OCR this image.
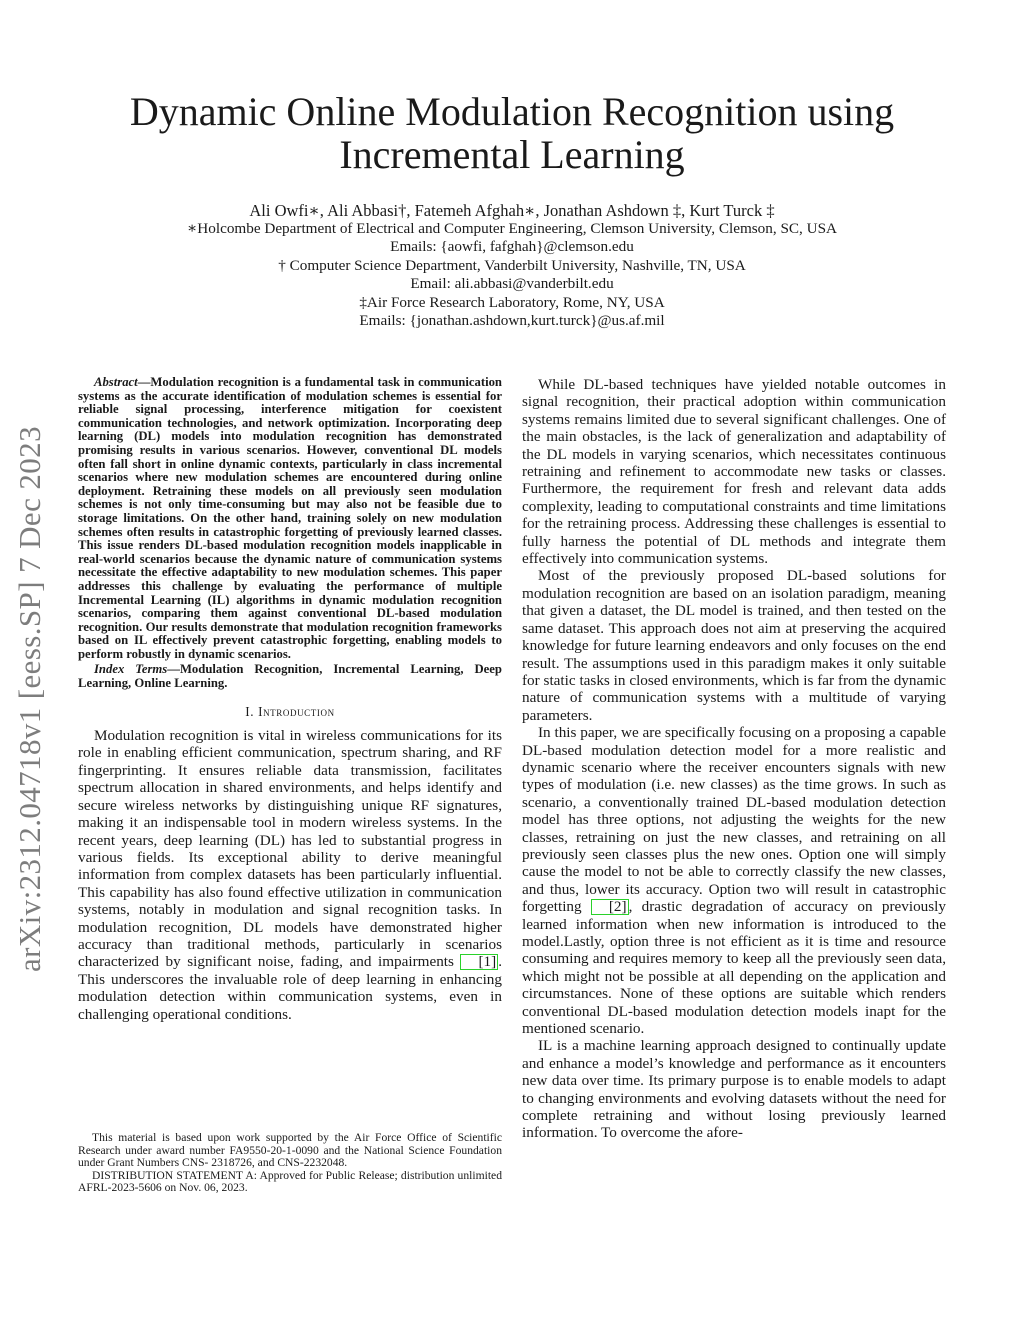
arXiv:2312.04718v1 [eess.SP] 7 Dec 2023
Dynamic Online Modulation Recognition using Incremental Learning
Ali Owfi∗, Ali Abbasi†, Fatemeh Afghah∗, Jonathan Ashdown ‡, Kurt Turck ‡
∗Holcombe Department of Electrical and Computer Engineering, Clemson University, Clemson, SC, USA
Emails: {aowfi, fafghah}@clemson.edu
† Computer Science Department, Vanderbilt University, Nashville, TN, USA
Email: ali.abbasi@vanderbilt.edu
‡Air Force Research Laboratory, Rome, NY, USA
Emails: {jonathan.ashdown,kurt.turck}@us.af.mil

Abstract—Modulation recognition is a fundamental task in communication systems as the accurate identification of modulation schemes is essential for reliable signal processing, interference mitigation for coexistent communication technologies, and network optimization. Incorporating deep learning (DL) models into modulation recognition has demonstrated promising results in various scenarios. However, conventional DL models often fall short in online dynamic contexts, particularly in class incremental scenarios where new modulation schemes are encountered during online deployment. Retraining these models on all previously seen modulation schemes is not only time-consuming but may also not be feasible due to storage limitations. On the other hand, training solely on new modulation schemes often results in catastrophic forgetting of previously learned classes. This issue renders DL-based modulation recognition models inapplicable in real-world scenarios because the dynamic nature of communication systems necessitate the effective adaptability to new modulation schemes. This paper addresses this challenge by evaluating the performance of multiple Incremental Learning (IL) algorithms in dynamic modulation recognition scenarios, comparing them against conventional DL-based modulation recognition. Our results demonstrate that modulation recognition frameworks based on IL effectively prevent catastrophic forgetting, enabling models to perform robustly in dynamic scenarios.

Index Terms—Modulation Recognition, Incremental Learning, Deep Learning, Online Learning.

I. Introduction

Modulation recognition is vital in wireless communications for its role in enabling efficient communication, spectrum sharing, and RF fingerprinting. It ensures reliable data transmission, facilitates spectrum allocation in shared environments, and helps identify and secure wireless networks by distinguishing unique RF signatures, making it an indispensable tool in modern wireless systems. In the recent years, deep learning (DL) has led to substantial progress in various fields. Its exceptional ability to derive meaningful information from complex datasets has been particularly influential. This capability has also found effective utilization in communication systems, notably in modulation and signal recognition tasks. In modulation recognition, DL models have demonstrated higher accuracy than traditional methods, particularly in scenarios characterized by significant noise, fading, and impairments [1] . This underscores the invaluable role of deep learning in enhancing modulation detection within communication systems, even in challenging operational conditions.

This material is based upon work supported by the Air Force Office of Scientific Research under award number FA9550-20-1-0090 and the National Science Foundation under Grant Numbers CNS- 2318726, and CNS-2232048.

DISTRIBUTION STATEMENT A: Approved for Public Release; distribution unlimited AFRL-2023-5606 on Nov. 06, 2023.

While DL-based techniques have yielded notable outcomes in signal recognition, their practical adoption within communication systems remains limited due to several significant challenges. One of the main obstacles, is the lack of generalization and adaptability of the DL models in varying scenarios, which necessitates continuous retraining and refinement to accommodate new tasks or classes. Furthermore, the requirement for fresh and relevant data adds complexity, leading to computational constraints and time limitations for the retraining process. Addressing these challenges is essential to fully harness the potential of DL methods and integrate them effectively into communication systems.

Most of the previously proposed DL-based solutions for modulation recognition are based on an isolation paradigm, meaning that given a dataset, the DL model is trained, and then tested on the same dataset. This approach does not aim at preserving the acquired knowledge for future learning endeavors and only focuses on the end result. The assumptions used in this paradigm makes it only suitable for static tasks in closed environments, which is far from the dynamic nature of communication systems with a multitude of varying parameters.

In this paper, we are specifically focusing on a proposing a capable DL-based modulation detection model for a more realistic and dynamic scenario where the receiver encounters signals with new types of modulation (i.e. new classes) as the time grows. In such as scenario, a conventionally trained DL-based modulation detection model has three options, not adjusting the weights for the new classes, retraining on just the new classes, and retraining on all previously seen classes plus the new ones. Option one will simply cause the model to not be able to correctly classify the new classes, and thus, lower its accuracy. Option two will result in catastrophic forgetting [2] , drastic degradation of accuracy on previously learned information when new information is introduced to the model.Lastly, option three is not efficient as it is time and resource consuming and requires memory to keep all the previously seen data, which might not be possible at all depending on the application and circumstances. None of these options are suitable which renders conventional DL-based modulation detection models inapt for the mentioned scenario.

IL is a machine learning approach designed to continually update and enhance a model’s knowledge and performance as it encounters new data over time. Its primary purpose is to enable models to adapt to changing environments and evolving datasets without the need for complete retraining and without losing previously learned information. To overcome the afore-
